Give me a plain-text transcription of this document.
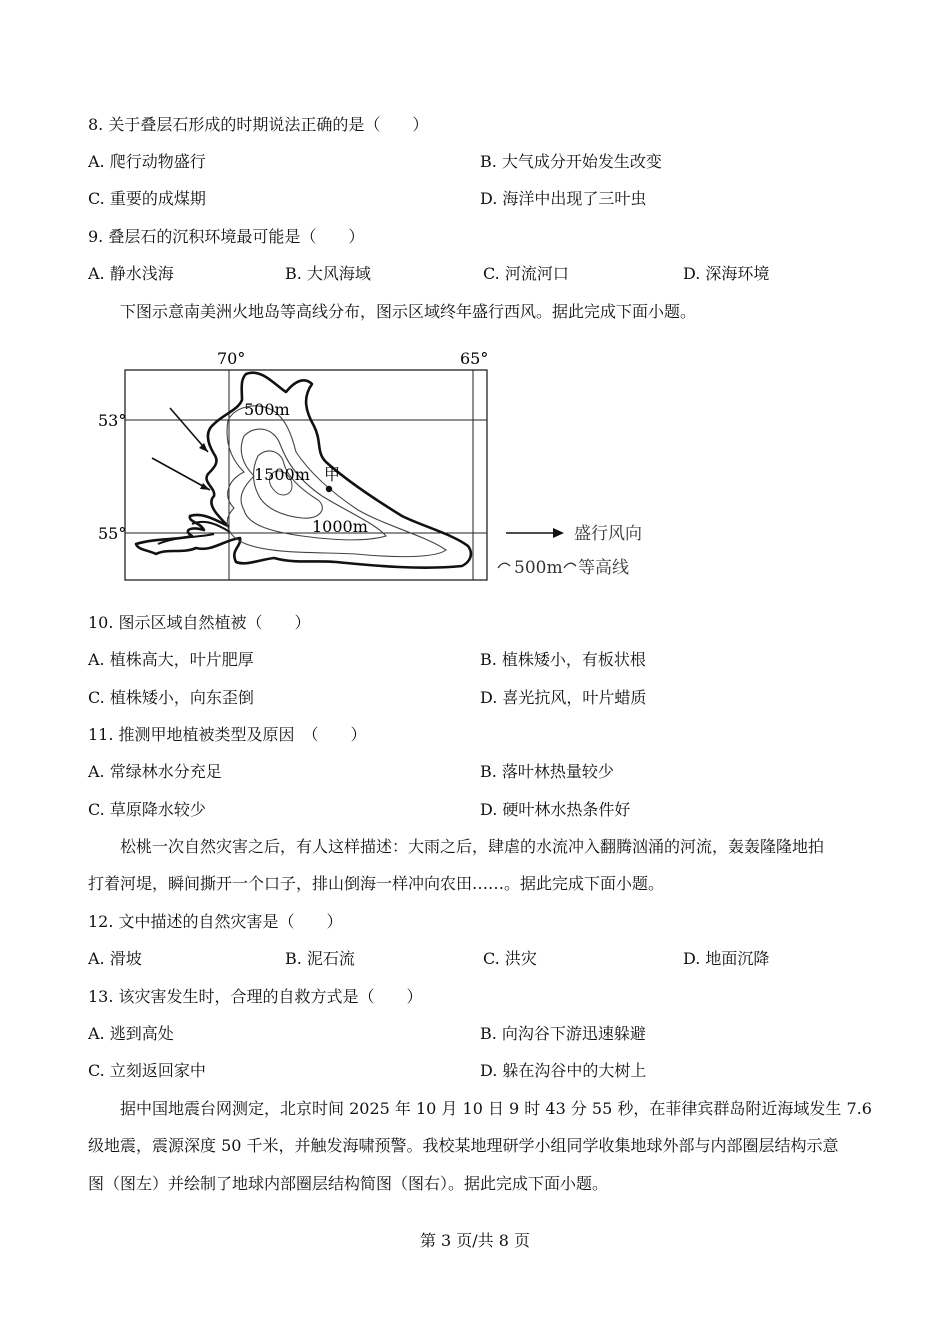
8. 关于叠层石形成的时期说法正确的是（　　）
A. 爬行动物盛行	B. 大气成分开始发生改变
C. 重要的成煤期	D. 海洋中出现了三叶虫
9. 叠层石的沉积环境最可能是（　　）
A. 静水浅海	B. 大风海域	C. 河流河口	D. 深海环境
下图示意南美洲火地岛等高线分布，图示区域终年盛行西风。据此完成下面小题。
70°	65°
53°
55°
500m
1500m
1000m
甲
盛行风向
500m 等高线
10. 图示区域自然植被（　　）
A. 植株高大，叶片肥厚	B. 植株矮小，有板状根
C. 植株矮小，向东歪倒	D. 喜光抗风，叶片蜡质
11. 推测甲地植被类型及原因　（　　）
A. 常绿林水分充足	B. 落叶林热量较少
C. 草原降水较少	D. 硬叶林水热条件好
松桃一次自然灾害之后，有人这样描述：大雨之后，肆虐的水流冲入翻腾汹涌的河流，轰轰隆隆地拍
打着河堤，瞬间撕开一个口子，排山倒海一样冲向农田……。据此完成下面小题。
12. 文中描述的自然灾害是（　　）
A. 滑坡	B. 泥石流	C. 洪灾	D. 地面沉降
13. 该灾害发生时，合理的自救方式是（　　）
A. 逃到高处	B. 向沟谷下游迅速躲避
C. 立刻返回家中	D. 躲在沟谷中的大树上
据中国地震台网测定，北京时间 2025 年 10 月 10 日 9 时 43 分 55 秒，在菲律宾群岛附近海域发生 7.6
级地震，震源深度 50 千米，并触发海啸预警。我校某地理研学小组同学收集地球外部与内部圈层结构示意
图（图左）并绘制了地球内部圈层结构简图（图右）。据此完成下面小题。
第 3 页/共 8 页
